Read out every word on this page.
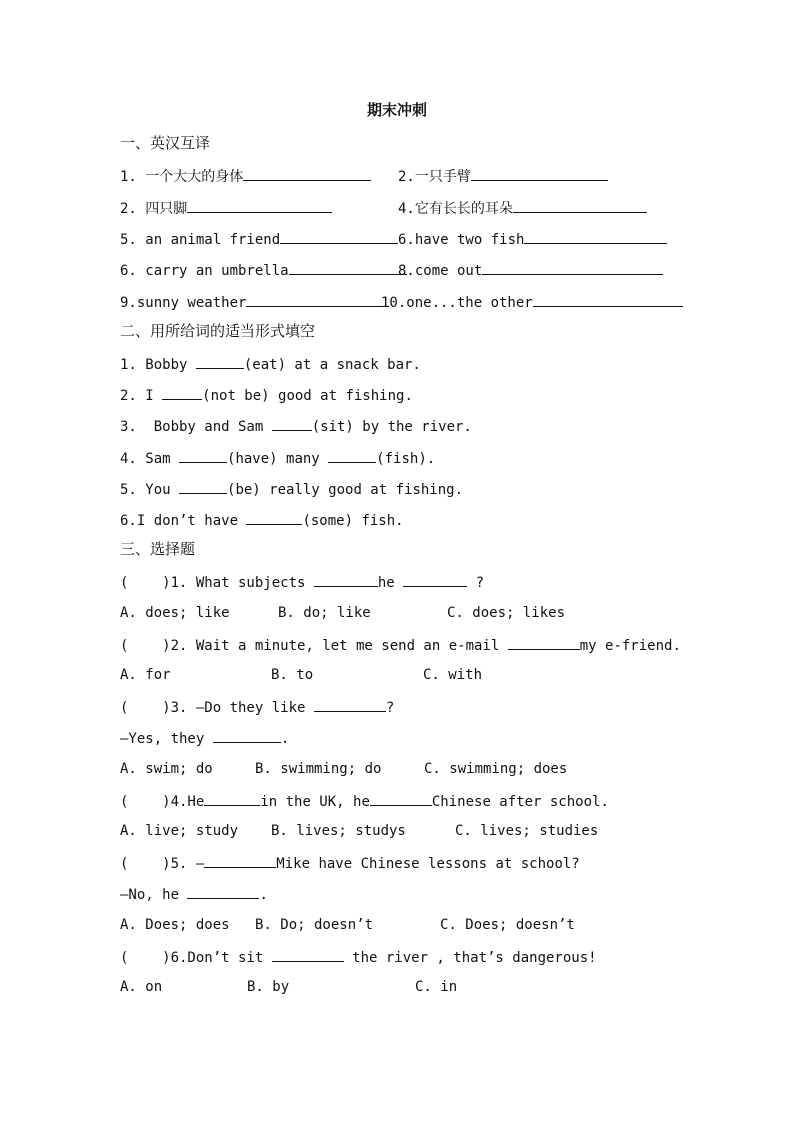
期末冲刺
一、英汉互译
1. 一个大大的身体	2.一只手臂
2. 四只脚	4.它有长长的耳朵
5. an animal friend	6.have two fish
6. carry an umbrella	8.come out
9.sunny weather	10.one...the other
二、用所给词的适当形式填空
1. Bobby	(eat) at a snack bar.
2. I	(not be) good at fishing.
3.  Bobby and Sam	(sit) by the river.
4. Sam	(have) many	(fish).
5. You	(be) really good at fishing.
6.I don’t have	(some) fish.
三、选择题
(    )1. What subjects	he	?
A. does; like	B. do; like	C. does; likes
(    )2. Wait a minute, let me send an e-mail	my e-friend.
A. for	B. to	C. with
(    )3. —Do they like	?
—Yes, they	.
A. swim; do	B. swimming; do	C. swimming; does
(    )4.He	in the UK, he	Chinese after school.
A. live; study B. lives; studys	C. lives; studies
(    )5. —	Mike have Chinese lessons at school?
—No, he	.
A. Does; does B. Do; doesn’t	C. Does; doesn’t
(    )6.Don’t sit	the river , that’s dangerous!
A. on	B. by	C. in
